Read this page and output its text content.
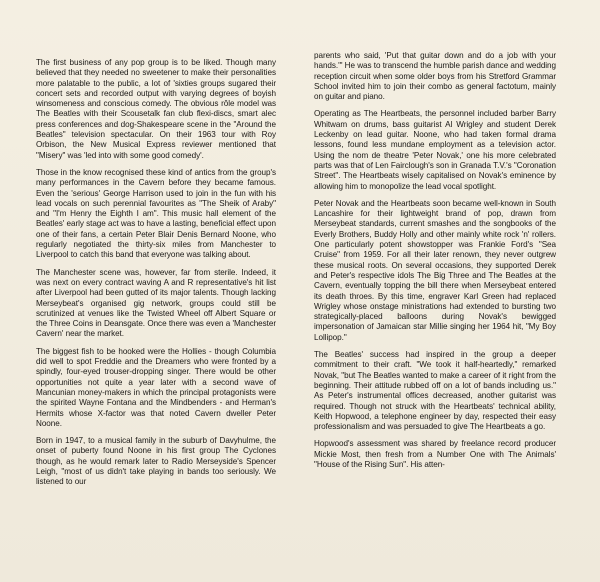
The first business of any pop group is to be liked. Though many believed that they needed no sweetener to make their personalities more palatable to the public, a lot of 'sixties groups sugared their concert sets and recorded output with varying degrees of boyish winsomeness and conscious comedy. The obvious rôle model was The Beatles with their Scousetalk fan club flexi-discs, smart alec press conferences and dog-Shakespeare scene in the "Around the Beatles" television spectacular. On their 1963 tour with Roy Orbison, the New Musical Express reviewer mentioned that "Misery" was 'led into with some good comedy'.

Those in the know recognised these kind of antics from the group's many performances in the Cavern before they became famous. Even the 'serious' George Harrison used to join in the fun with his lead vocals on such perennial favourites as "The Sheik of Araby" and "I'm Henry the Eighth I am". This music hall element of the Beatles' early stage act was to have a lasting, beneficial effect upon one of their fans, a certain Peter Blair Denis Bernard Noone, who regularly negotiated the thirty-six miles from Manchester to Liverpool to catch this band that everyone was talking about.

The Manchester scene was, however, far from sterile. Indeed, it was next on every contract waving A and R representative's hit list after Liverpool had been gutted of its major talents. Though lacking Merseybeat's organised gig network, groups could still be scrutinized at venues like the Twisted Wheel off Albert Square or the Three Coins in Deansgate. Once there was even a 'Manchester Cavern' near the market.

The biggest fish to be hooked were the Hollies - though Columbia did well to spot Freddie and the Dreamers who were fronted by a spindly, four-eyed trouser-dropping singer. There would be other opportunities not quite a year later with a second wave of Mancunian money-makers in which the principal protagonists were the spirited Wayne Fontana and the Mindbenders - and Herman's Hermits whose X-factor was that noted Cavern dweller Peter Noone.

Born in 1947, to a musical family in the suburb of Davyhulme, the onset of puberty found Noone in his first group The Cyclones though, as he would remark later to Radio Merseyside's Spencer Leigh, "most of us didn't take playing in bands too seriously. We listened to our

parents who said, 'Put that guitar down and do a job with your hands.'" He was to transcend the humble parish dance and wedding reception circuit when some older boys from his Stretford Grammar School invited him to join their combo as general factotum, mainly on guitar and piano.

Operating as The Heartbeats, the personnel included barber Barry Whitwam on drums, bass guitarist Al Wrigley and student Derek Leckenby on lead guitar. Noone, who had taken formal drama lessons, found less mundane employment as a television actor. Using the nom de theatre 'Peter Novak,' one his more celebrated parts was that of Len Fairclough's son in Granada T.V.'s "Coronation Street". The Heartbeats wisely capitalised on Novak's eminence by allowing him to monopolize the lead vocal spotlight.

Peter Novak and the Heartbeats soon became well-known in South Lancashire for their lightweight brand of pop, drawn from Merseybeat standards, current smashes and the songbooks of the Everly Brothers, Buddy Holly and other mainly white rock 'n' rollers. One particularly potent showstopper was Frankie Ford's "Sea Cruise" from 1959. For all their later renown, they never outgrew these musical roots. On several occasions, they supported Derek and Peter's respective idols The Big Three and The Beatles at the Cavern, eventually topping the bill there when Merseybeat entered its death throes. By this time, engraver Karl Green had replaced Wrigley whose onstage ministrations had extended to bursting two strategically-placed balloons during Novak's bewigged impersonation of Jamaican star Millie singing her 1964 hit, "My Boy Lollipop."

The Beatles' success had inspired in the group a deeper commitment to their craft. "We took it half-heartedly," remarked Novak, "but The Beatles wanted to make a career of it right from the beginning. Their attitude rubbed off on a lot of bands including us." As Peter's instrumental offices decreased, another guitarist was required. Though not struck with the Heartbeats' technical ability, Keith Hopwood, a telephone engineer by day, respected their easy professionalism and was persuaded to give The Heartbeats a go.

Hopwood's assessment was shared by freelance record producer Mickie Most, then fresh from a Number One with The Animals' "House of the Rising Sun". His atten-
